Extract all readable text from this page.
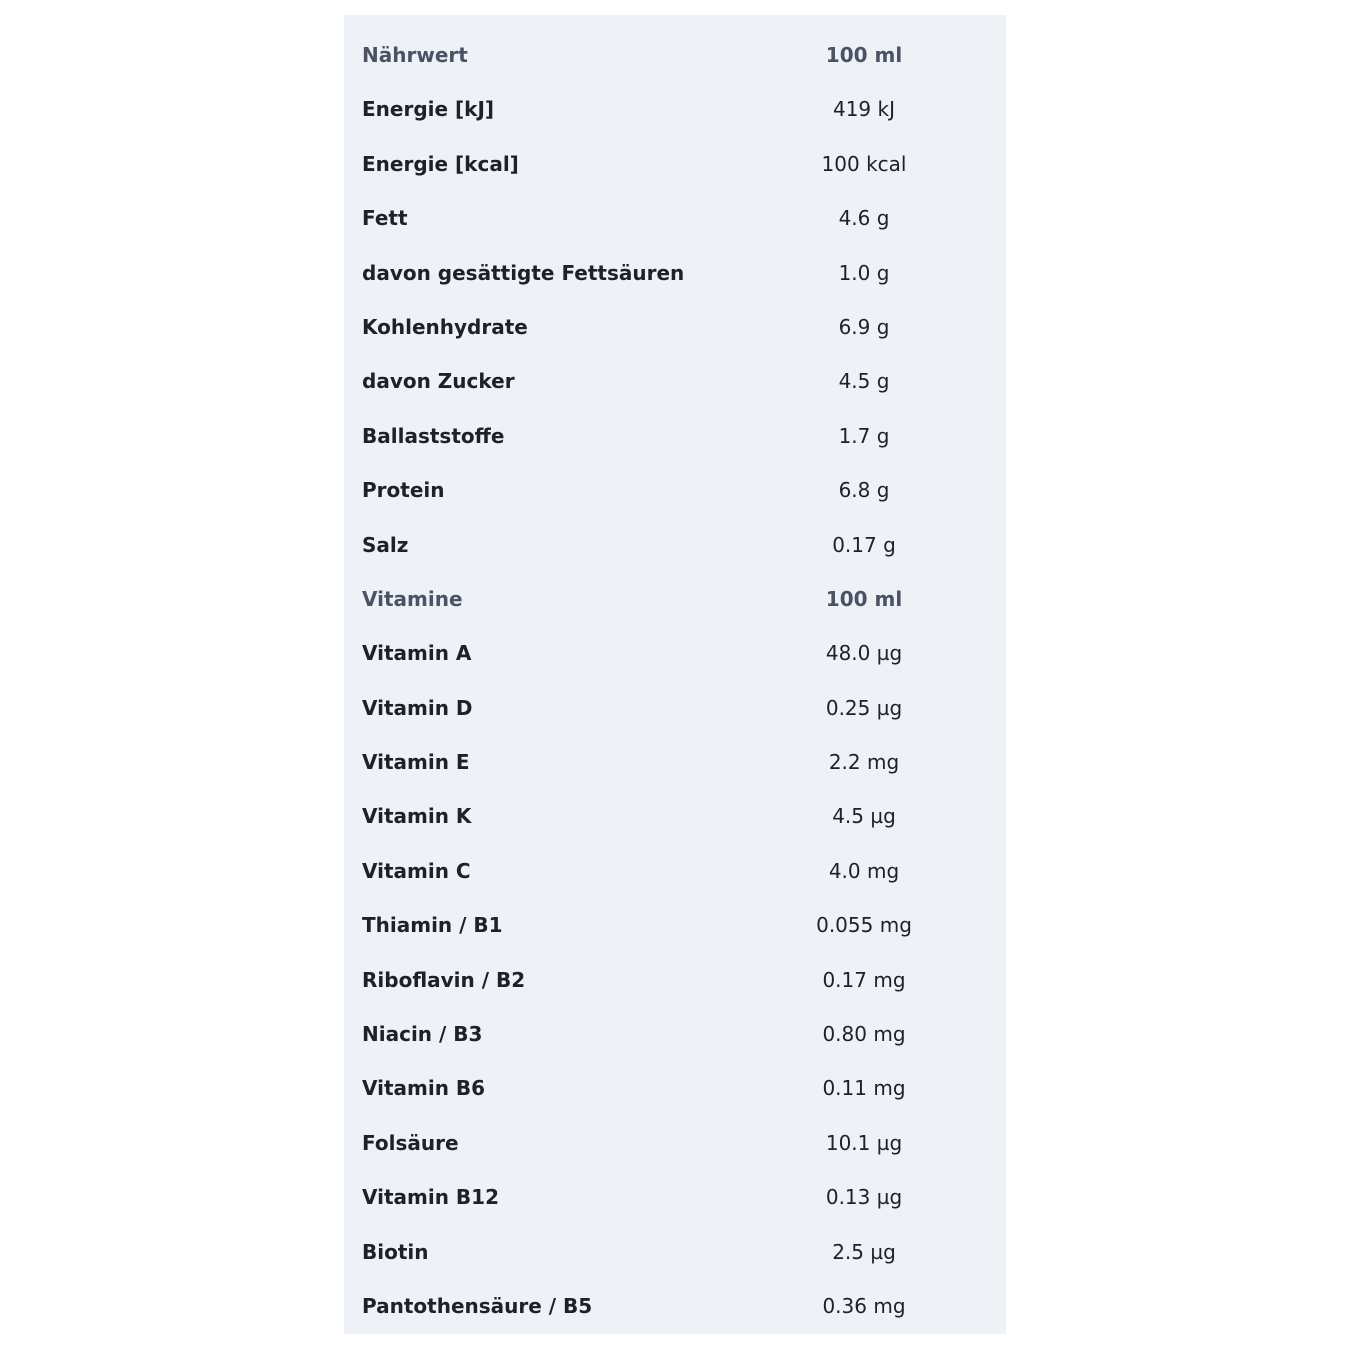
Nährwert	100 ml
Energie [kJ]	419 kJ
Energie [kcal]	100 kcal
Fett	4.6 g
davon gesättigte Fettsäuren	1.0 g
Kohlenhydrate	6.9 g
davon Zucker	4.5 g
Ballaststoffe	1.7 g
Protein	6.8 g
Salz	0.17 g
Vitamine	100 ml
Vitamin A	48.0 µg
Vitamin D	0.25 µg
Vitamin E	2.2 mg
Vitamin K	4.5 µg
Vitamin C	4.0 mg
Thiamin / B1	0.055 mg
Riboflavin / B2	0.17 mg
Niacin / B3	0.80 mg
Vitamin B6	0.11 mg
Folsäure	10.1 µg
Vitamin B12	0.13 µg
Biotin	2.5 µg
Pantothensäure / B5	0.36 mg
